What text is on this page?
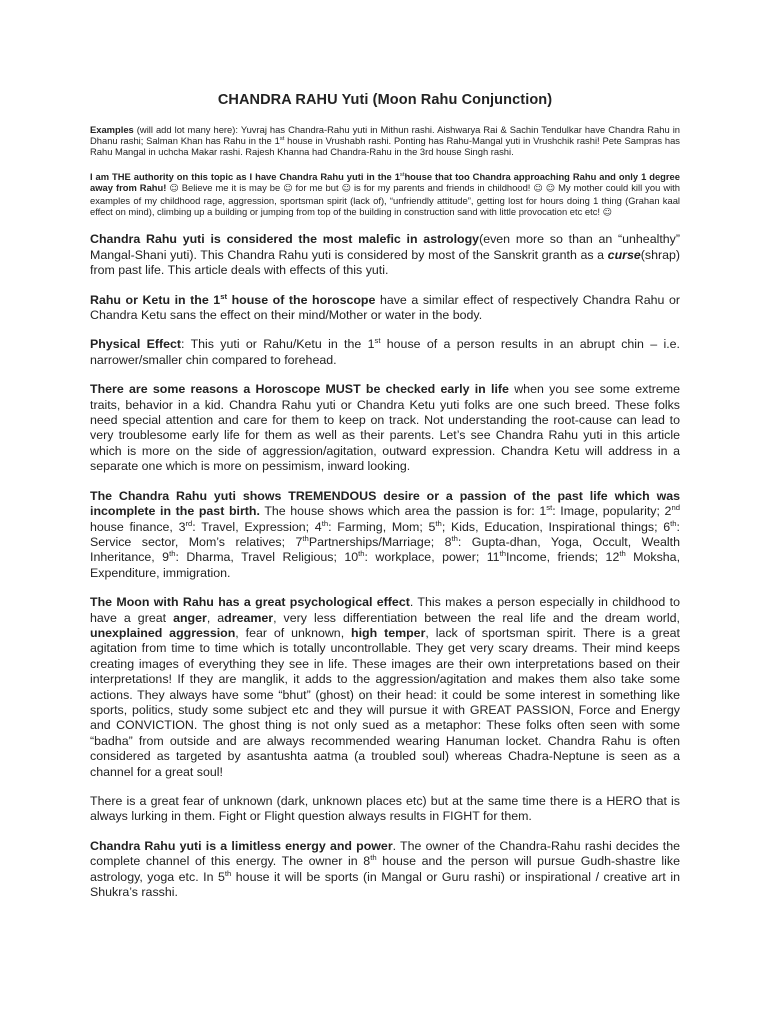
CHANDRA RAHU Yuti (Moon Rahu Conjunction)

Examples (will add lot many here): Yuvraj has Chandra-Rahu yuti in Mithun rashi. Aishwarya Rai & Sachin Tendulkar have Chandra Rahu in Dhanu rashi; Salman Khan has Rahu in the 1st house in Vrushabh rashi. Ponting has Rahu-Mangal yuti in Vrushchik rashi! Pete Sampras has Rahu Mangal in uchcha Makar rashi. Rajesh Khanna had Chandra-Rahu in the 3rd house Singh rashi.

I am THE authority on this topic as I have Chandra Rahu yuti in the 1sthouse that too Chandra approaching Rahu and only 1 degree away from Rahu! ☺ Believe me it is may be ☺ for me but ☺ is for my parents and friends in childhood! ☺ ☺ My mother could kill you with examples of my childhood rage, aggression, sportsman spirit (lack of), “unfriendly attitude”, getting lost for hours doing 1 thing (Grahan kaal effect on mind), climbing up a building or jumping from top of the building in construction sand with little provocation etc etc! ☺

Chandra Rahu yuti is considered the most malefic in astrology(even more so than an “unhealthy” Mangal-Shani yuti). This Chandra Rahu yuti is considered by most of the Sanskrit granth as a curse(shrap) from past life. This article deals with effects of this yuti.

Rahu or Ketu in the 1st house of the horoscope have a similar effect of respectively Chandra Rahu or Chandra Ketu sans the effect on their mind/Mother or water in the body.

Physical Effect: This yuti or Rahu/Ketu in the 1st house of a person results in an abrupt chin – i.e. narrower/smaller chin compared to forehead.

There are some reasons a Horoscope MUST be checked early in life when you see some extreme traits, behavior in a kid. Chandra Rahu yuti or Chandra Ketu yuti folks are one such breed. These folks need special attention and care for them to keep on track. Not understanding the root-cause can lead to very troublesome early life for them as well as their parents. Let’s see Chandra Rahu yuti in this article which is more on the side of aggression/agitation, outward expression. Chandra Ketu will address in a separate one which is more on pessimism, inward looking.

The Chandra Rahu yuti shows TREMENDOUS desire or a passion of the past life which was incomplete in the past birth. The house shows which area the passion is for: 1st: Image, popularity; 2nd house finance, 3rd: Travel, Expression; 4th: Farming, Mom; 5th; Kids, Education, Inspirational things; 6th: Service sector, Mom’s relatives; 7thPartnerships/Marriage; 8th: Gupta-dhan, Yoga, Occult, Wealth Inheritance, 9th: Dharma, Travel Religious; 10th: workplace, power; 11thIncome, friends; 12th Moksha, Expenditure, immigration.

The Moon with Rahu has a great psychological effect. This makes a person especially in childhood to have a great anger, adreamer, very less differentiation between the real life and the dream world, unexplained aggression, fear of unknown, high temper, lack of sportsman spirit. There is a great agitation from time to time which is totally uncontrollable. They get very scary dreams. Their mind keeps creating images of everything they see in life. These images are their own interpretations based on their interpretations! If they are manglik, it adds to the aggression/agitation and makes them also take some actions. They always have some “bhut” (ghost) on their head: it could be some interest in something like sports, politics, study some subject etc and they will pursue it with GREAT PASSION, Force and Energy and CONVICTION. The ghost thing is not only sued as a metaphor: These folks often seen with some “badha” from outside and are always recommended wearing Hanuman locket. Chandra Rahu is often considered as targeted by asantushta aatma (a troubled soul) whereas Chadra-Neptune is seen as a channel for a great soul!

There is a great fear of unknown (dark, unknown places etc) but at the same time there is a HERO that is always lurking in them. Fight or Flight question always results in FIGHT for them.

Chandra Rahu yuti is a limitless energy and power. The owner of the Chandra-Rahu rashi decides the complete channel of this energy. The owner in 8th house and the person will pursue Gudh-shastre like astrology, yoga etc. In 5th house it will be sports (in Mangal or Guru rashi) or inspirational / creative art in Shukra’s rasshi.
